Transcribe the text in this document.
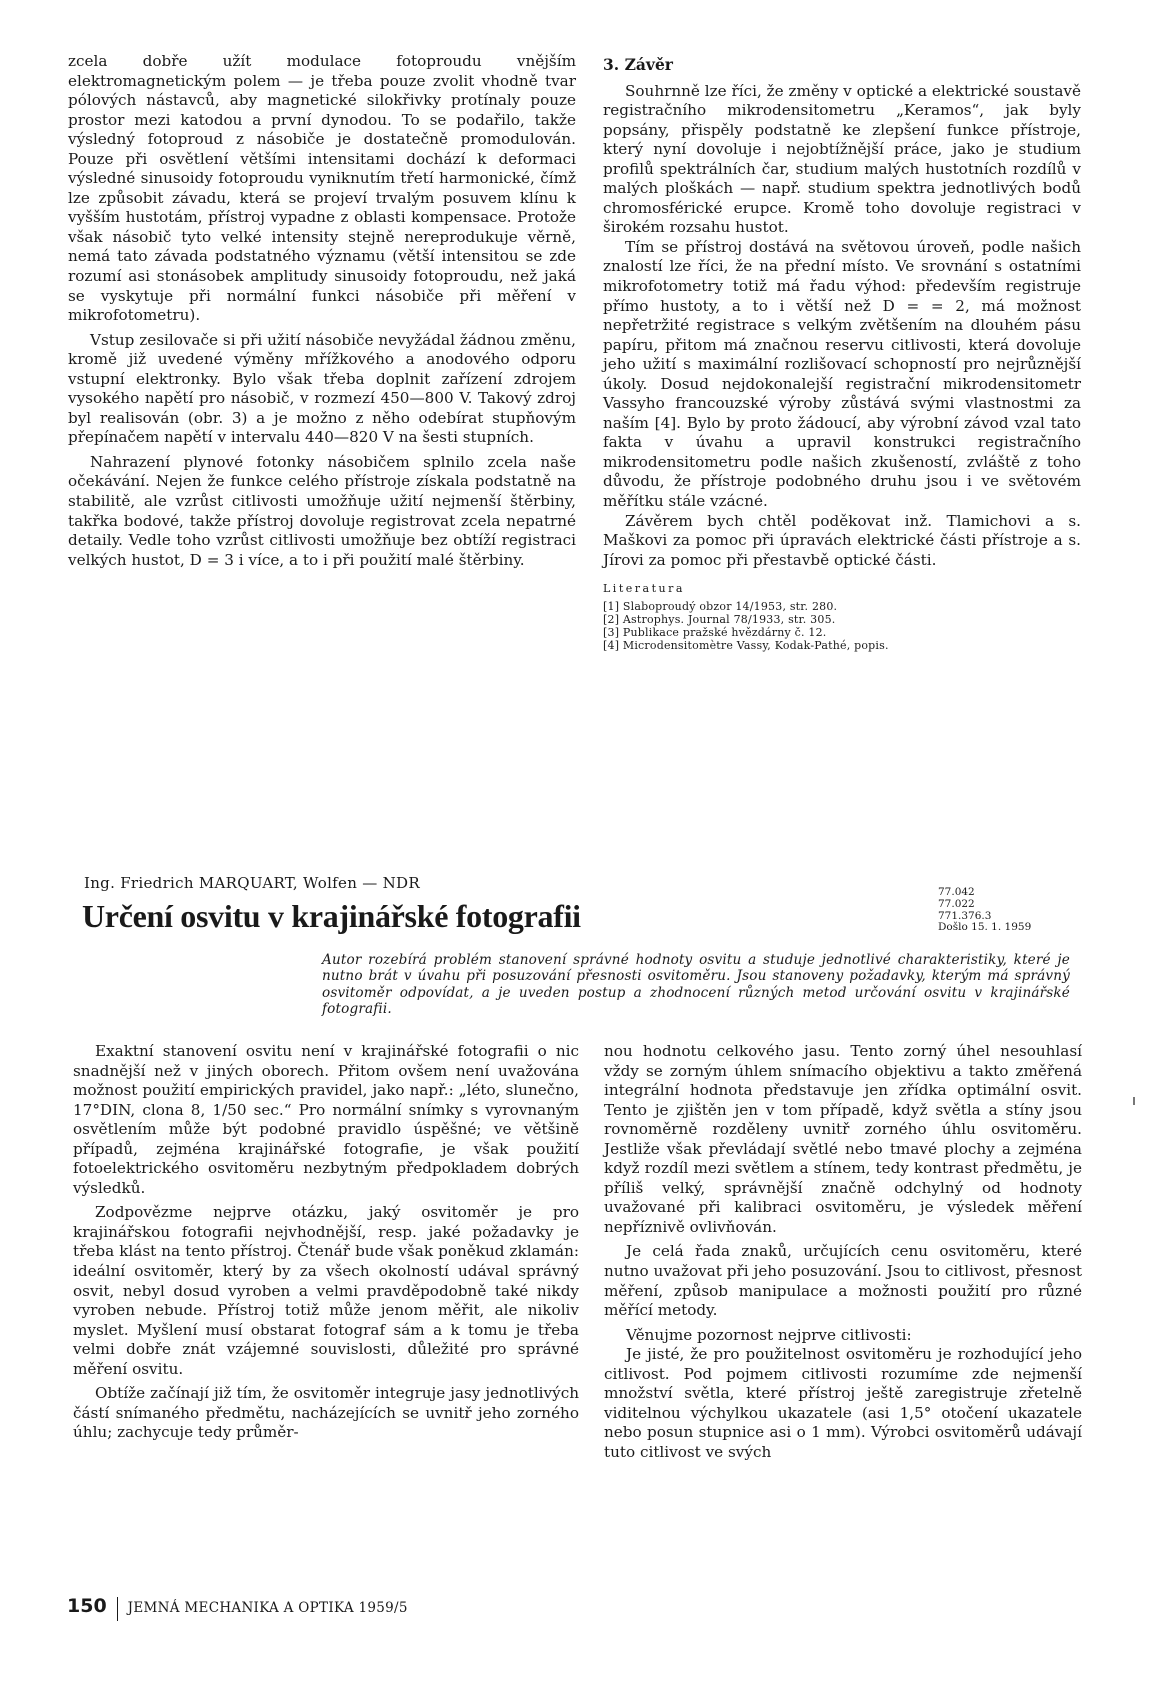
zcela dobře užít modulace fotoproudu vnějším elektromagnetickým polem — je třeba pouze zvolit vhodně tvar pólových nástavců, aby magnetické silokřivky protínaly pouze prostor mezi katodou a první dynodou. To se podařilo, takže výsledný fotoproud z násobiče je dostatečně promodulován. Pouze při osvětlení většími intensitami dochází k deformaci výsledné sinusoidy fotoproudu vyniknutím třetí harmonické, čímž lze způsobit závadu, která se projeví trvalým posuvem klínu k vyšším hustotám, přístroj vypadne z oblasti kompensace. Protože však násobič tyto velké intensity stejně nereprodukuje věrně, nemá tato závada podstatného významu (větší intensitou se zde rozumí asi stonásobek amplitudy sinusoidy fotoproudu, než jaká se vyskytuje při normální funkci násobiče při měření v mikrofotometru).

Vstup zesilovače si při užití násobiče nevyžádal žádnou změnu, kromě již uvedené výměny mřížkového a anodového odporu vstupní elektronky. Bylo však třeba doplnit zařízení zdrojem vysokého napětí pro násobič, v rozmezí 450—800 V. Takový zdroj byl realisován (obr. 3) a je možno z něho odebírat stupňovým přepínačem napětí v intervalu 440—820 V na šesti stupních.

Nahrazení plynové fotonky násobičem splnilo zcela naše očekávání. Nejen že funkce celého přístroje získala podstatně na stabilitě, ale vzrůst citlivosti umožňuje užití nejmenší štěrbiny, takřka bodové, takže přístroj dovoluje registrovat zcela nepatrné detaily. Vedle toho vzrůst citlivosti umožňuje bez obtíží registraci velkých hustot, D = 3 i více, a to i při použití malé štěrbiny.

3. Závěr

Souhrnně lze říci, že změny v optické a elektrické soustavě registračního mikrodensitometru „Keramos“, jak byly popsány, přispěly podstatně ke zlepšení funkce přístroje, který nyní dovoluje i nejobtížnější práce, jako je studium profilů spektrálních čar, studium malých hustotních rozdílů v malých ploškách — např. studium spektra jednotlivých bodů chromosférické erupce. Kromě toho dovoluje registraci v širokém rozsahu hustot.

Tím se přístroj dostává na světovou úroveň, podle našich znalostí lze říci, že na přední místo. Ve srovnání s ostatními mikrofotometry totiž má řadu výhod: především registruje přímo hustoty, a to i větší než D = = 2, má možnost nepřetržité registrace s velkým zvětšením na dlouhém pásu papíru, přitom má značnou reservu citlivosti, která dovoluje jeho užití s maximální rozlišovací schopností pro nejrůznější úkoly. Dosud nejdokonalejší registrační mikrodensitometr Vassyho francouzské výroby zůstává svými vlastnostmi za naším [4]. Bylo by proto žádoucí, aby výrobní závod vzal tato fakta v úvahu a upravil konstrukci registračního mikrodensitometru podle našich zkušeností, zvláště z toho důvodu, že přístroje podobného druhu jsou i ve světovém měřítku stále vzácné.

Závěrem bych chtěl poděkovat inž. Tlamichovi a s. Maškovi za pomoc při úpravách elektrické části přístroje a s. Jírovi za pomoc při přestavbě optické části.

Literatura
[1] Slaboproudý obzor 14/1953, str. 280.
[2] Astrophys. Journal 78/1933, str. 305.
[3] Publikace pražské hvězdárny č. 12.
[4] Microdensitomètre Vassy, Kodak-Pathé, popis.
Ing. Friedrich MARQUART, Wolfen — NDR
Určení osvitu v krajinářské fotografii
77.042
77.022
771.376.3
Došlo 15. 1. 1959
Autor rozebírá problém stanovení správné hodnoty osvitu a studuje jednotlivé charakteristiky, které je nutno brát v úvahu při posuzování přesnosti osvitoměru. Jsou stanoveny požadavky, kterým má správný osvitoměr odpovídat, a je uveden postup a zhodnocení různých metod určování osvitu v krajinářské fotografii.

Exaktní stanovení osvitu není v krajinářské fotografii o nic snadnější než v jiných oborech. Přitom ovšem není uvažována možnost použití empirických pravidel, jako např.: „léto, slunečno, 17°DIN, clona 8, 1/50 sec.“ Pro normální snímky s vyrovnaným osvětlením může být podobné pravidlo úspěšné; ve většině případů, zejména krajinářské fotografie, je však použití fotoelektrického osvitoměru nezbytným předpokladem dobrých výsledků.

Zodpovězme nejprve otázku, jaký osvitoměr je pro krajinářskou fotografii nejvhodnější, resp. jaké požadavky je třeba klást na tento přístroj. Čtenář bude však poněkud zklamán: ideální osvitoměr, který by za všech okolností udával správný osvit, nebyl dosud vyroben a velmi pravděpodobně také nikdy vyroben nebude. Přístroj totiž může jenom měřit, ale nikoliv myslet. Myšlení musí obstarat fotograf sám a k tomu je třeba velmi dobře znát vzájemné souvislosti, důležité pro správné měření osvitu.

Obtíže začínají již tím, že osvitoměr integruje jasy jednotlivých částí snímaného předmětu, nacházejících se uvnitř jeho zorného úhlu; zachycuje tedy průměr-

nou hodnotu celkového jasu. Tento zorný úhel nesouhlasí vždy se zorným úhlem snímacího objektivu a takto změřená integrální hodnota představuje jen zřídka optimální osvit. Tento je zjištěn jen v tom případě, když světla a stíny jsou rovnoměrně rozděleny uvnitř zorného úhlu osvitoměru. Jestliže však převládají světlé nebo tmavé plochy a zejména když rozdíl mezi světlem a stínem, tedy kontrast předmětu, je příliš velký, správnější značně odchylný od hodnoty uvažované při kalibraci osvitoměru, je výsledek měření nepříznivě ovlivňován.

Je celá řada znaků, určujících cenu osvitoměru, které nutno uvažovat při jeho posuzování. Jsou to citlivost, přesnost měření, způsob manipulace a možnosti použití pro různé měřící metody.

Věnujme pozornost nejprve citlivosti:

Je jisté, že pro použitelnost osvitoměru je rozhodující jeho citlivost. Pod pojmem citlivosti rozumíme zde nejmenší množství světla, které přístroj ještě zaregistruje zřetelně viditelnou výchylkou ukazatele (asi 1,5° otočení ukazatele nebo posun stupnice asi o 1 mm). Výrobci osvitoměrů udávají tuto citlivost ve svých

150 JEMNÁ MECHANIKA A OPTIKA 1959/5
